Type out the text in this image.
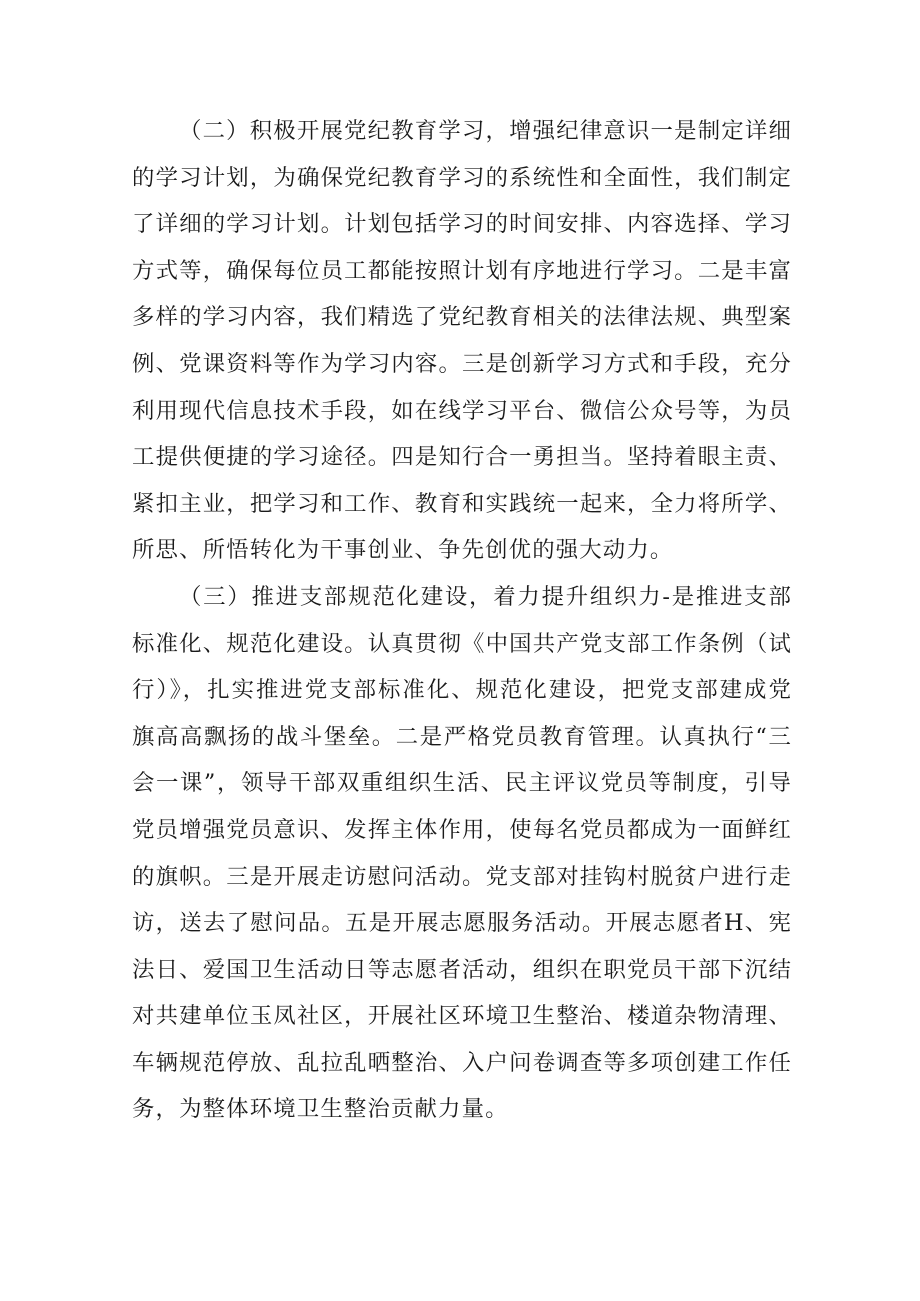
（二）积极开展党纪教育学习，增强纪律意识一是制定详细的学习计划，为确保党纪教育学习的系统性和全面性，我们制定了详细的学习计划。计划包括学习的时间安排、内容选择、学习方式等，确保每位员工都能按照计划有序地进行学习。二是丰富多样的学习内容，我们精选了党纪教育相关的法律法规、典型案例、党课资料等作为学习内容。三是创新学习方式和手段，充分利用现代信息技术手段，如在线学习平台、微信公众号等，为员工提供便捷的学习途径。四是知行合一勇担当。坚持着眼主责、紧扣主业，把学习和工作、教育和实践统一起来，全力将所学、所思、所悟转化为干事创业、争先创优的强大动力。

（三）推进支部规范化建设，着力提升组织力-是推进支部标准化、规范化建设。认真贯彻《中国共产党支部工作条例（试行）》，扎实推进党支部标准化、规范化建设，把党支部建成党旗高高飘扬的战斗堡垒。二是严格党员教育管理。认真执行“三会一课”，领导干部双重组织生活、民主评议党员等制度，引导党员增强党员意识、发挥主体作用，使每名党员都成为一面鲜红的旗帜。三是开展走访慰问活动。党支部对挂钩村脱贫户进行走访，送去了慰问品。五是开展志愿服务活动。开展志愿者H、宪法日、爱国卫生活动日等志愿者活动，组织在职党员干部下沉结对共建单位玉凤社区，开展社区环境卫生整治、楼道杂物清理、车辆规范停放、乱拉乱晒整治、入户问卷调查等多项创建工作任务，为整体环境卫生整治贡献力量。
